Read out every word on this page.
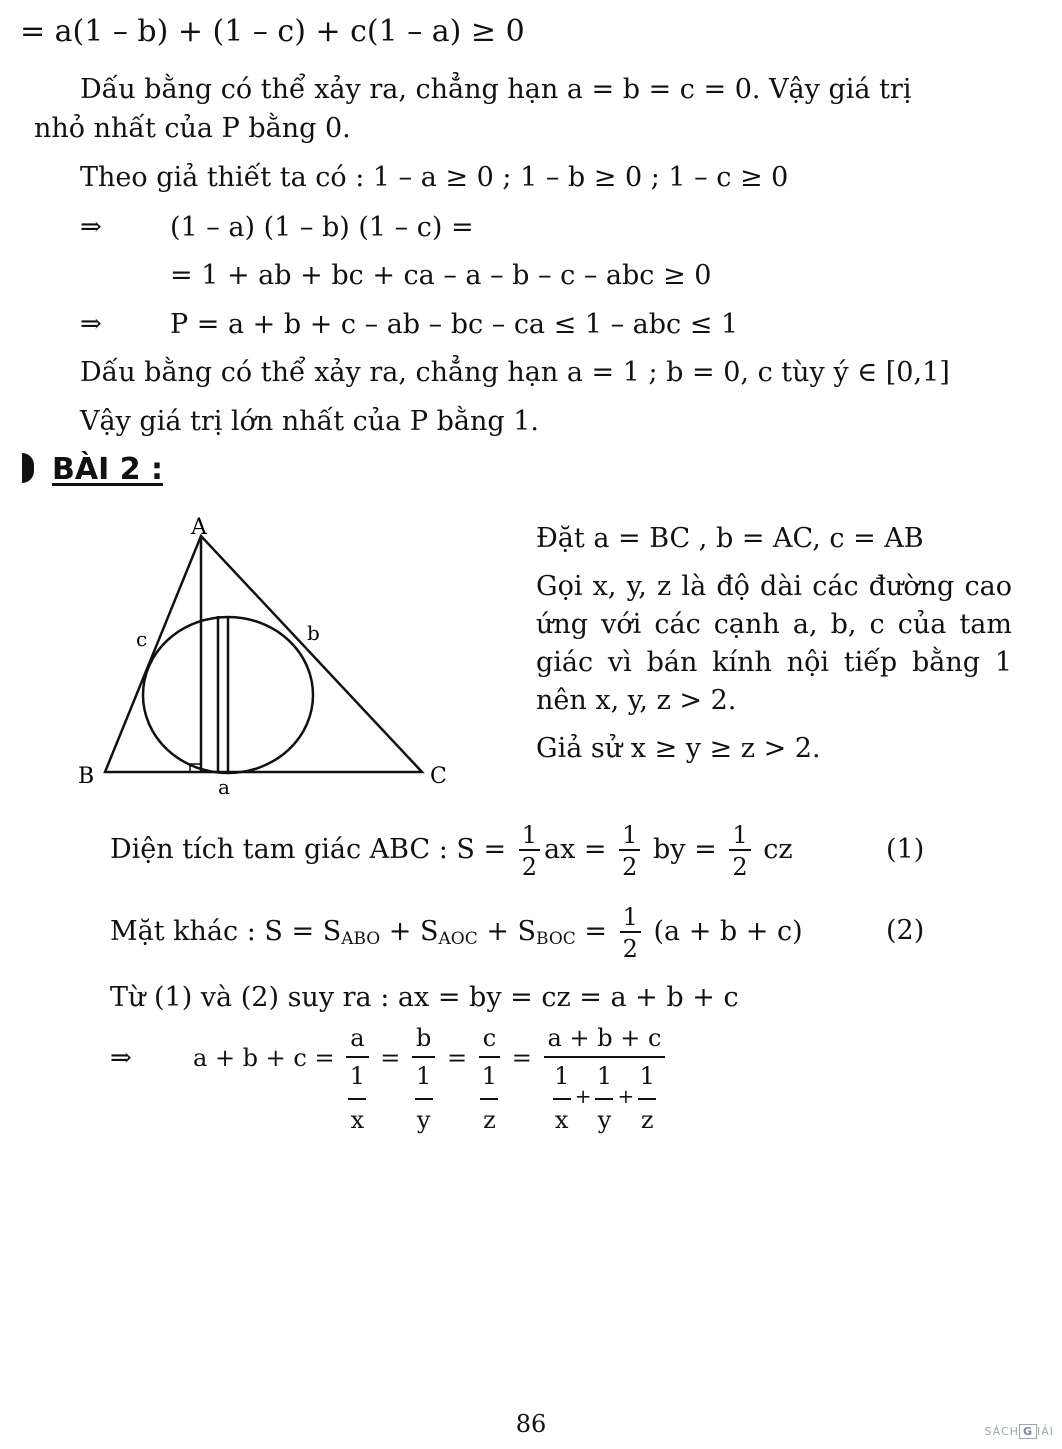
= a(1 – b) + (1 – c) + c(1 – a) ≥ 0
Dấu bằng có thể xảy ra, chẳng hạn a = b = c = 0. Vậy giá trị
nhỏ nhất của P bằng 0.
Theo giả thiết ta có : 1 – a ≥ 0 ; 1 – b ≥ 0 ; 1 – c ≥ 0
⇒	(1 – a) (1 – b) (1 – c) =
= 1 + ab + bc + ca – a – b – c – abc ≥ 0
⇒	P = a + b + c – ab – bc – ca ≤ 1 – abc ≤ 1
Dấu bằng có thể xảy ra, chẳng hạn a = 1 ; b = 0, c tùy ý ∈ [0,1]
Vậy giá trị lớn nhất của P bằng 1.
BÀI 2 :
A
B	C
a
b
c
Đặt a = BC , b = AC, c = AB
Gọi x, y, z là độ dài các đường cao ứng với các cạnh a, b, c của tam giác vì bán kính nội tiếp bằng 1 nên x, y, z > 2.
Giả sử x ≥ y ≥ z > 2.
Diện tích tam giác ABC : $S = \frac{1}{2}$ ax = $\frac{1}{2}$ by = $\frac{1}{2}$ cz	(1)
Mặt khác : $S = S_{ABO} + S_{AOC} + S_{BOC} = \frac{1}{2} (a + b + c)$	(2)
Từ (1) và (2) suy ra : ax = by = cz = a + b + c
⇒	a + b + c =
a
1
x
=
b
1
y
=
c
1
z
= a + b + c
1
x
+
1
y
+
1
z
86	SÁCH G IẢI
